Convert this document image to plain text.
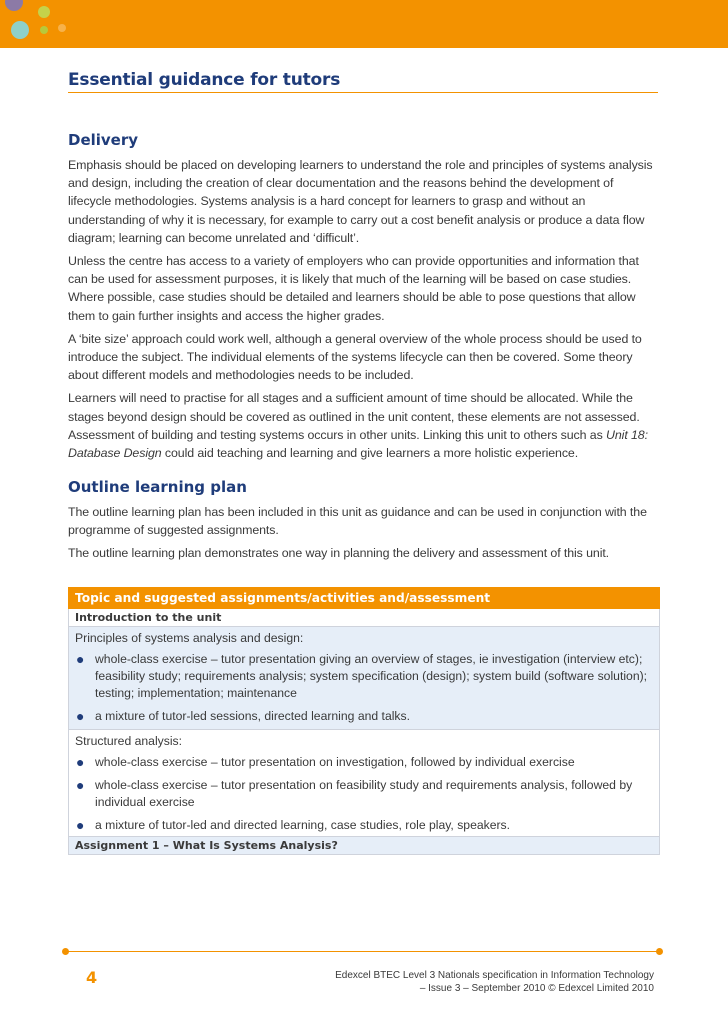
Essential guidance for tutors
Delivery

Emphasis should be placed on developing learners to understand the role and principles of systems analysis and design, including the creation of clear documentation and the reasons behind the development of lifecycle methodologies. Systems analysis is a hard concept for learners to grasp and without an understanding of why it is necessary, for example to carry out a cost benefit analysis or produce a data flow diagram; learning can become unrelated and ‘difficult’.

Unless the centre has access to a variety of employers who can provide opportunities and information that can be used for assessment purposes, it is likely that much of the learning will be based on case studies. Where possible, case studies should be detailed and learners should be able to pose questions that allow them to gain further insights and access the higher grades.

A ‘bite size’ approach could work well, although a general overview of the whole process should be used to introduce the subject. The individual elements of the systems lifecycle can then be covered. Some theory about different models and methodologies needs to be included.

Learners will need to practise for all stages and a sufficient amount of time should be allocated. While the stages beyond design should be covered as outlined in the unit content, these elements are not assessed. Assessment of building and testing systems occurs in other units. Linking this unit to others such as Unit 18: Database Design could aid teaching and learning and give learners a more holistic experience.

Outline learning plan

The outline learning plan has been included in this unit as guidance and can be used in conjunction with the programme of suggested assignments.

The outline learning plan demonstrates one way in planning the delivery and assessment of this unit.

Topic and suggested assignments/activities and/assessment
Introduction to the unit

Principles of systems analysis and design:
● whole-class exercise – tutor presentation giving an overview of stages, ie investigation (interview etc); feasibility study; requirements analysis; system specification (design); system build (software solution); testing; implementation; maintenance
● a mixture of tutor-led sessions, directed learning and talks.

Structured analysis:
● whole-class exercise – tutor presentation on investigation, followed by individual exercise
● whole-class exercise – tutor presentation on feasibility study and requirements analysis, followed by individual exercise
● a mixture of tutor-led and directed learning, case studies, role play, speakers.

Assignment 1 – What Is Systems Analysis?
4	Edexcel BTEC Level 3 Nationals specification in Information Technology
– Issue 3 – September 2010 © Edexcel Limited 2010
